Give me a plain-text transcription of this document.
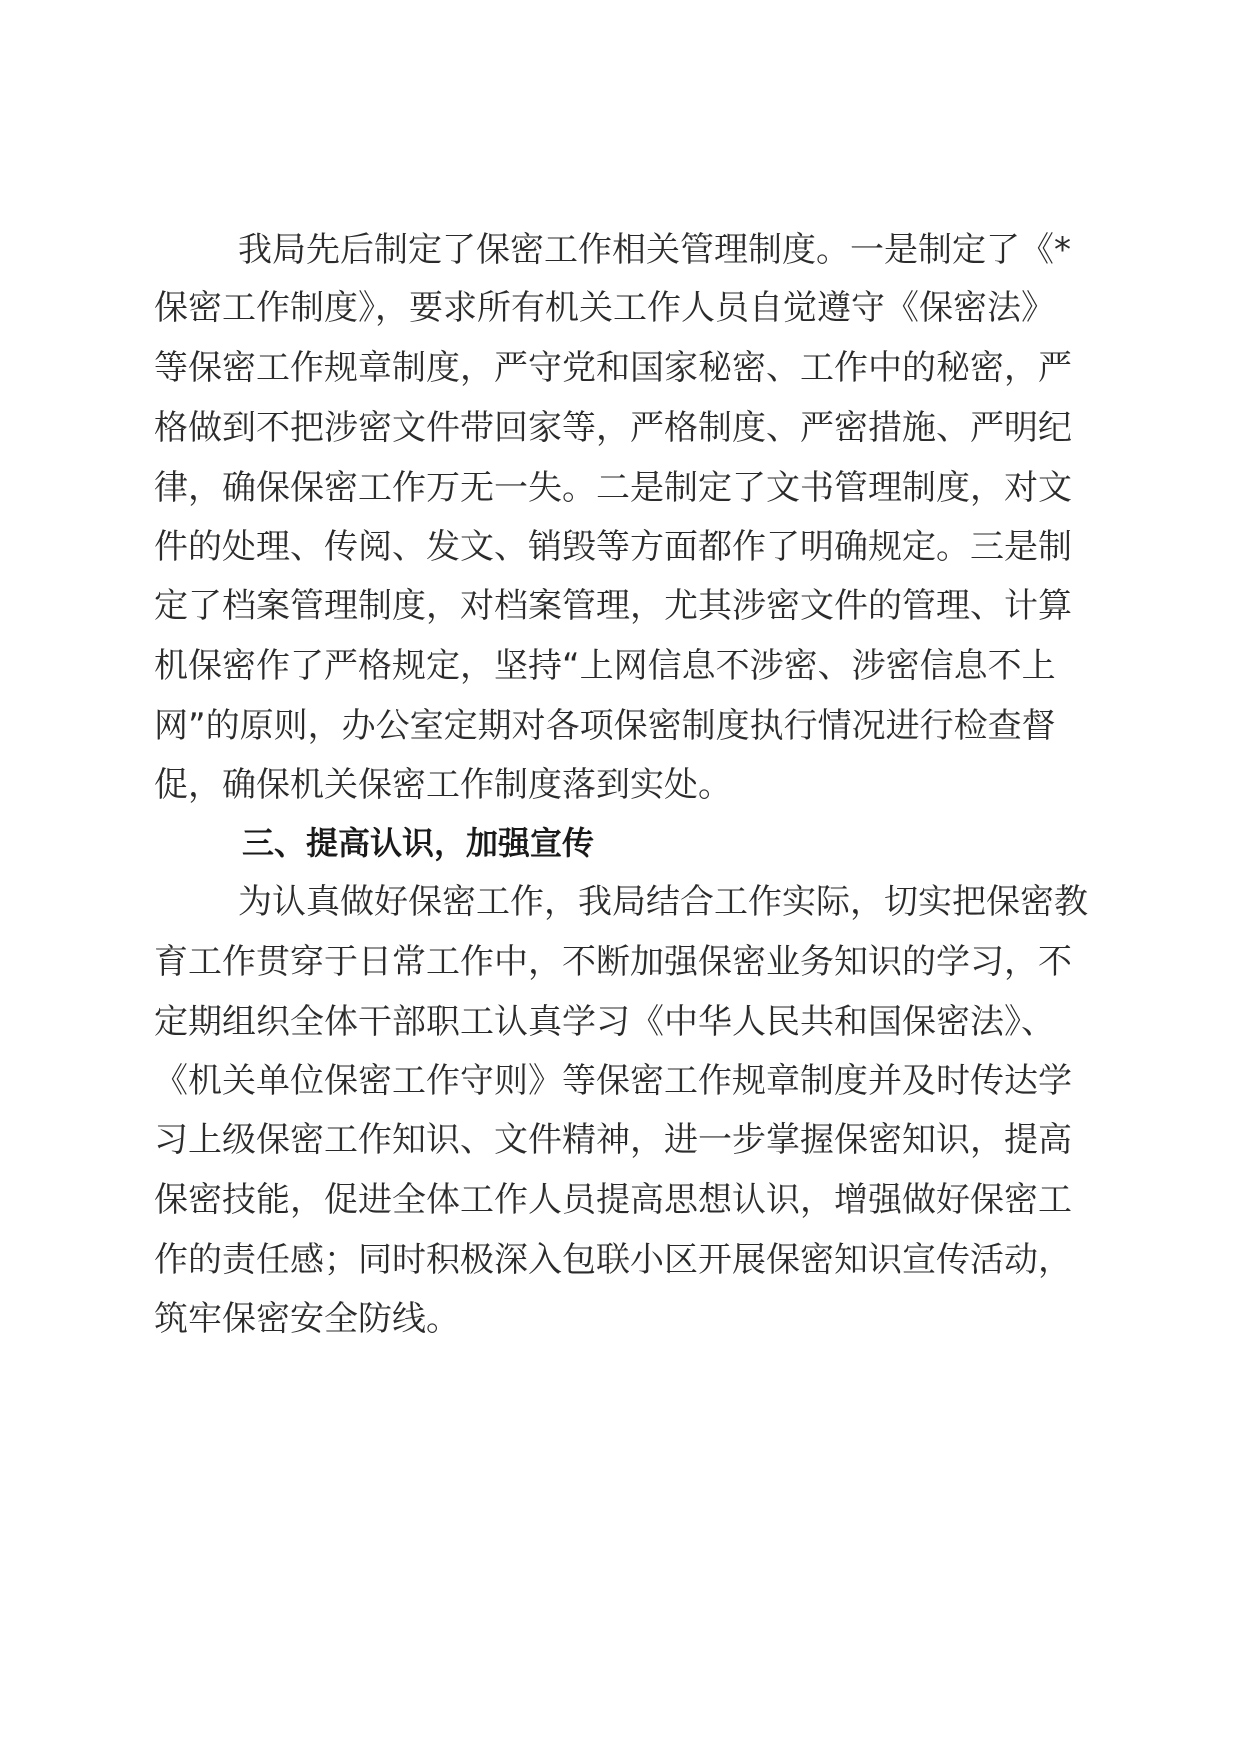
我局先后制定了保密工作相关管理制度。一是制定了《*
保密工作制度》，要求所有机关工作人员自觉遵守《保密法》
等保密工作规章制度，严守党和国家秘密、工作中的秘密，严
格做到不把涉密文件带回家等，严格制度、严密措施、严明纪
律，确保保密工作万无一失。二是制定了文书管理制度，对文
件的处理、传阅、发文、销毁等方面都作了明确规定。三是制
定了档案管理制度，对档案管理，尤其涉密文件的管理、计算
机保密作了严格规定，坚持“上网信息不涉密、涉密信息不上
网”的原则，办公室定期对各项保密制度执行情况进行检查督
促，确保机关保密工作制度落到实处。
三、提高认识，加强宣传
为认真做好保密工作，我局结合工作实际，切实把保密教
育工作贯穿于日常工作中，不断加强保密业务知识的学习，不
定期组织全体干部职工认真学习《中华人民共和国保密法》、
《机关单位保密工作守则》等保密工作规章制度并及时传达学
习上级保密工作知识、文件精神，进一步掌握保密知识，提高
保密技能，促进全体工作人员提高思想认识，增强做好保密工
作的责任感；同时积极深入包联小区开展保密知识宣传活动，
筑牢保密安全防线。
